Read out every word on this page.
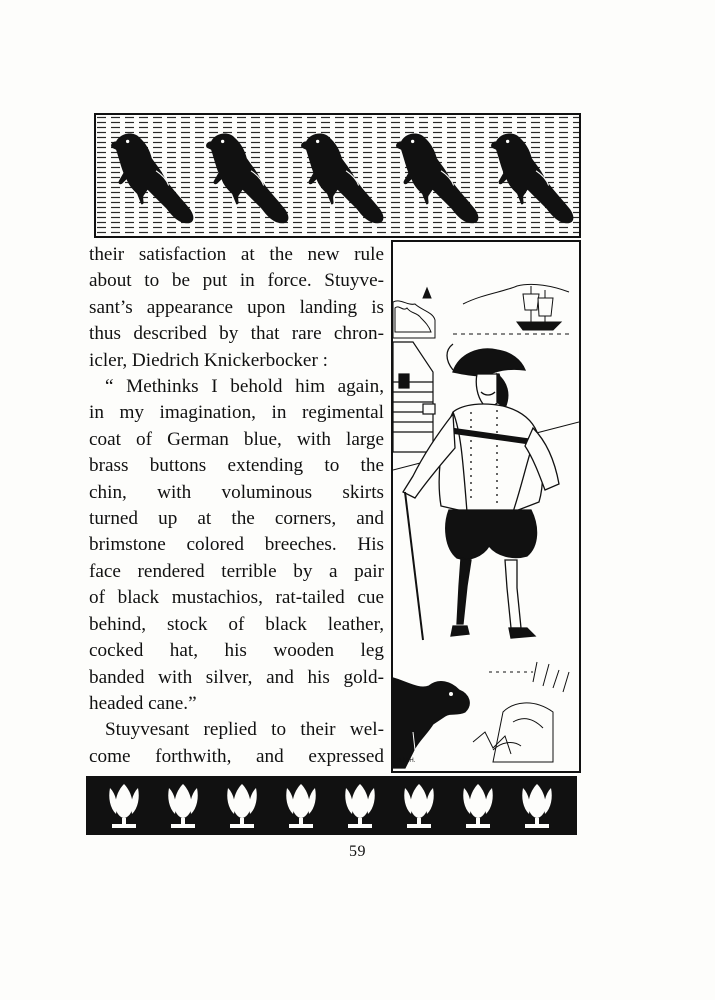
their satisfaction at the new rule
about to be put in force. Stuyve-
sant’s appearance upon landing is
thus described by that rare chron-
icler, Diedrich Knickerbocker :

“ Methinks I behold him again,

in my imagination, in regimental
coat of German blue, with large
brass buttons extending to the
chin, with voluminous skirts
turned up at the corners, and
brimstone colored breeches. His
face rendered terrible by a pair
of black mustachios, rat-tailed cue
behind, stock of black leather,
cocked hat, his wooden leg
banded with silver, and his gold-
headed cane.”

Stuyvesant replied to their wel-

come forthwith, and expressed B.M.H.
59
